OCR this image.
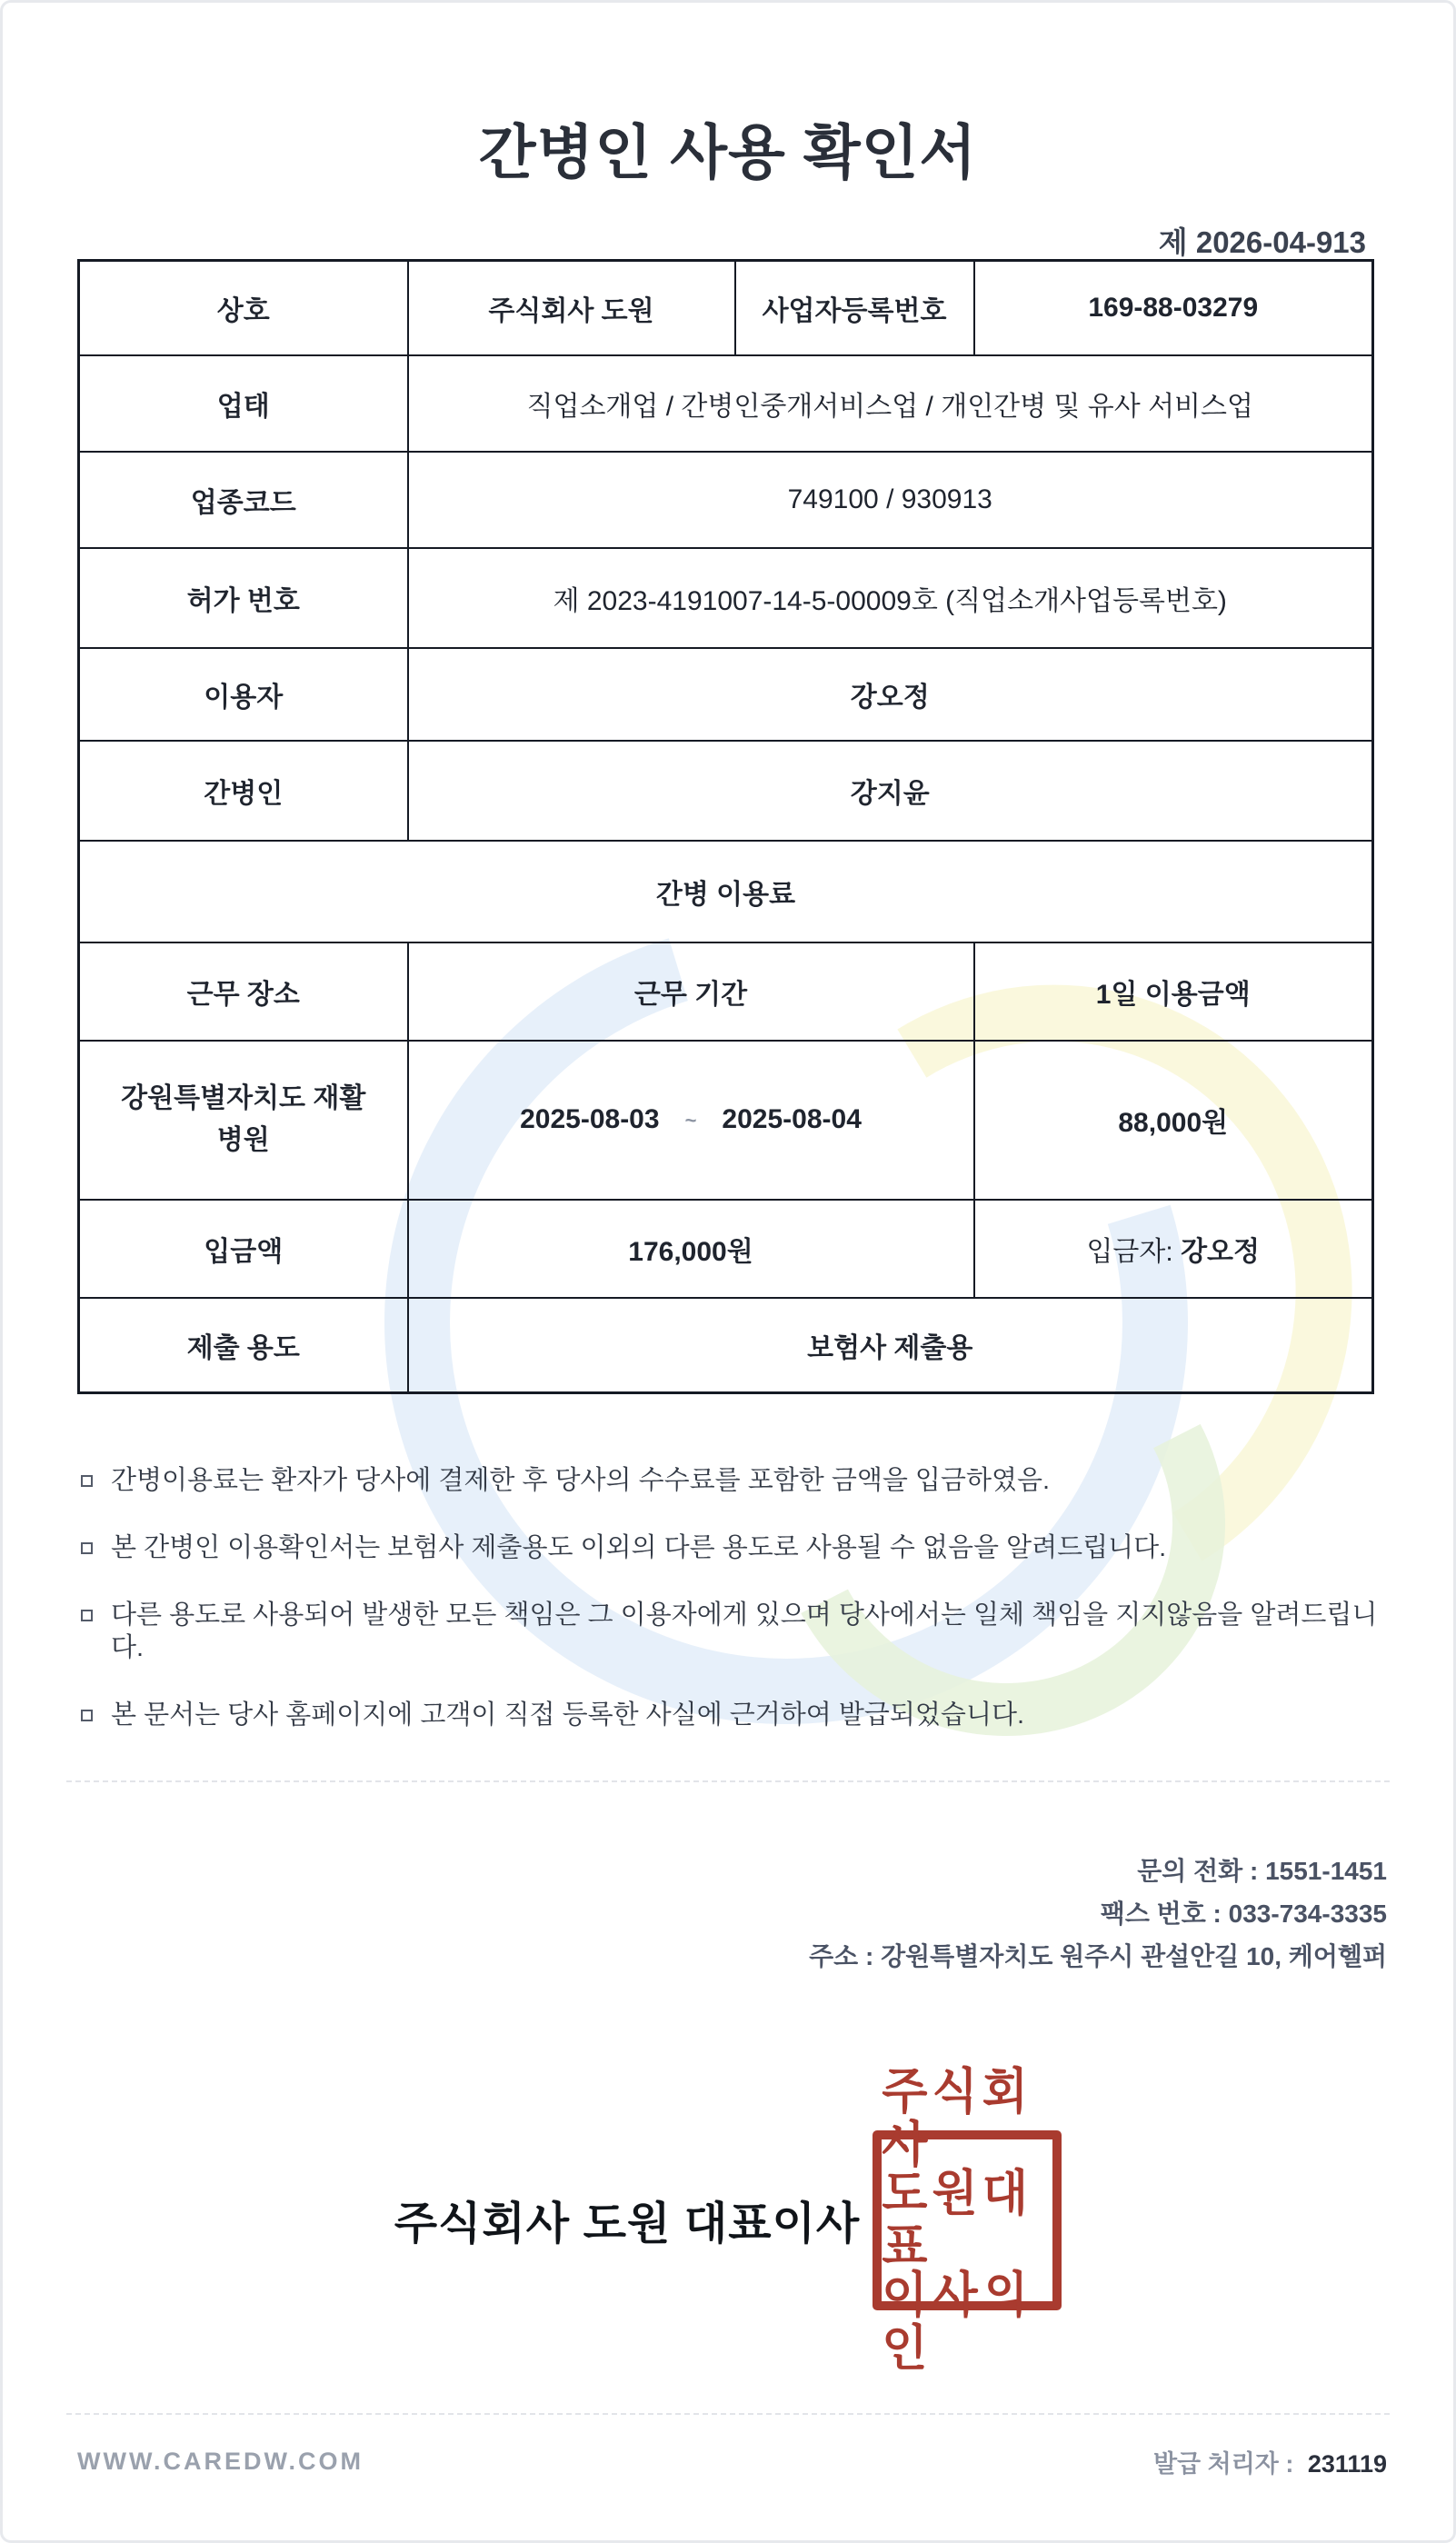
간병인 사용 확인서
제 2026-04-913
상호	주식회사 도원	사업자등록번호	169-88-03279
업태	직업소개업 / 간병인중개서비스업 / 개인간병 및 유사 서비스업		
업종코드	749100 / 930913		
허가 번호	제 2023-4191007-14-5-00009호 (직업소개사업등록번호)		
이용자	강오정		
간병인	강지윤		
간병 이용료			
근무 장소	근무 기간		1일 이용금액
강원특별자치도 재활
병원	2025-08-03 ~ 2025-08-04		88,000원
입금액	176,000원		입금자: 강오정
제출 용도	보험사 제출용		
간병이용료는 환자가 당사에 결제한 후 당사의 수수료를 포함한 금액을 입금하였음.
본 간병인 이용확인서는 보험사 제출용도 이외의 다른 용도로 사용될 수 없음을 알려드립니다.
다른 용도로 사용되어 발생한 모든 책임은 그 이용자에게 있으며 당사에서는 일체 책임을 지지않음을 알려드립니다.
본 문서는 당사 홈페이지에 고객이 직접 등록한 사실에 근거하여 발급되었습니다.
문의 전화 : 1551-1451
팩스 번호 : 033-734-3335
주소 : 강원특별자치도 원주시 관설안길 10, 케어헬퍼
주식회사 도원 대표이사
주식회사
도원대표
이사의인
WWW.CAREDW.COM	발급 처리자 : 231119
